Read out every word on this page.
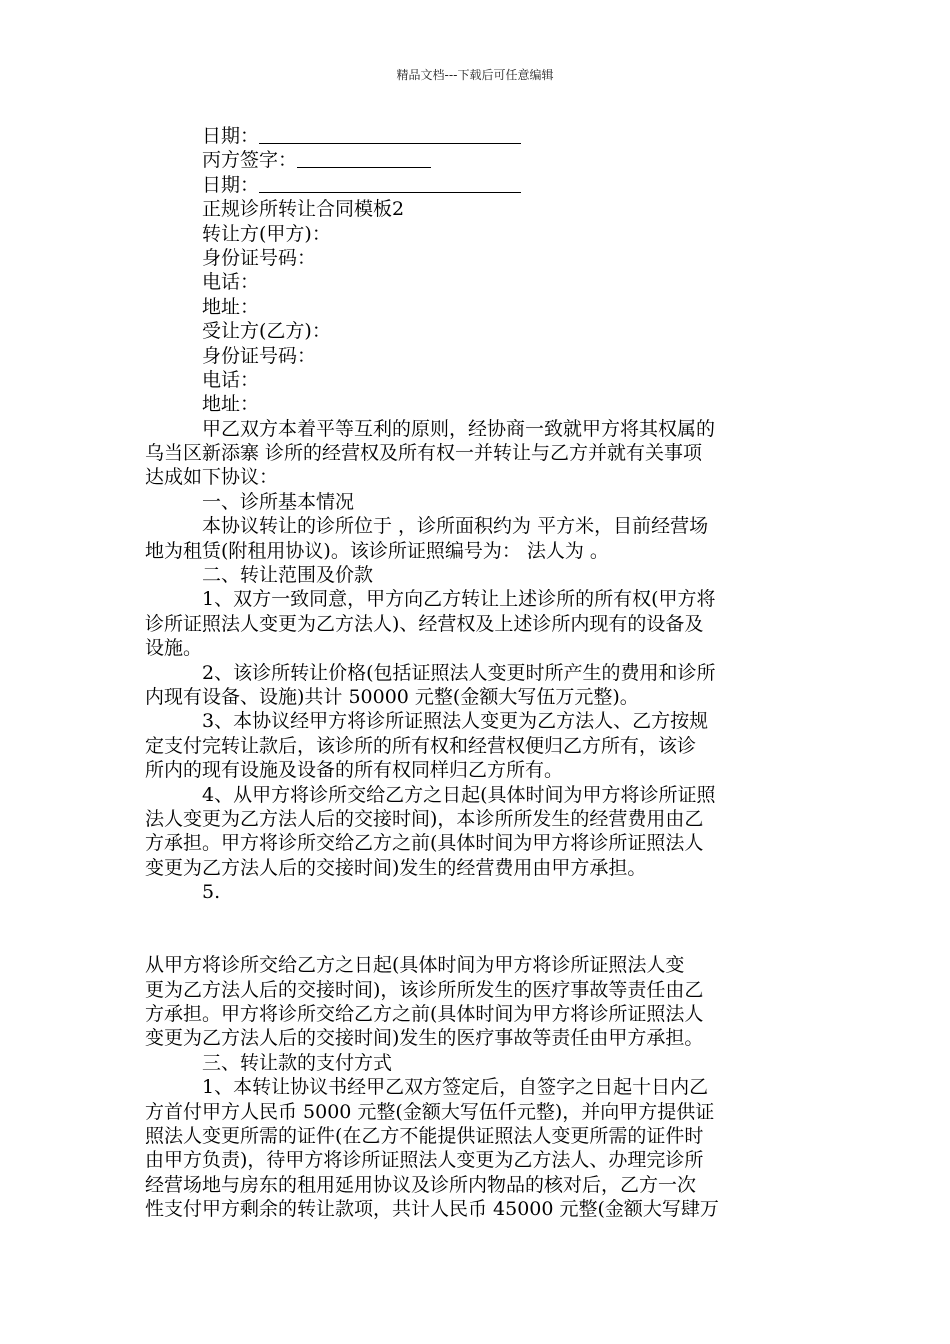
精品文档---下载后可任意编辑
日期：
丙方签字：
日期：
正规诊所转让合同模板2
转让方(甲方)：
身份证号码：
电话：
地址：
受让方(乙方)：
身份证号码：
电话：
地址：
甲乙双方本着平等互利的原则，经协商一致就甲方将其权属的
乌当区新添寨 诊所的经营权及所有权一并转让与乙方并就有关事项
达成如下协议：
一、诊所基本情况
本协议转让的诊所位于 ，诊所面积约为 平方米，目前经营场
地为租赁(附租用协议)。该诊所证照编号为： 法人为 。
二、转让范围及价款
1、双方一致同意，甲方向乙方转让上述诊所的所有权(甲方将
诊所证照法人变更为乙方法人)、经营权及上述诊所内现有的设备及
设施。
2、该诊所转让价格(包括证照法人变更时所产生的费用和诊所
内现有设备、设施)共计 50000 元整(金额大写伍万元整)。
3、本协议经甲方将诊所证照法人变更为乙方法人、乙方按规
定支付完转让款后，该诊所的所有权和经营权便归乙方所有，该诊
所内的现有设施及设备的所有权同样归乙方所有。
4、从甲方将诊所交给乙方之日起(具体时间为甲方将诊所证照
法人变更为乙方法人后的交接时间)，本诊所所发生的经营费用由乙
方承担。甲方将诊所交给乙方之前(具体时间为甲方将诊所证照法人
变更为乙方法人后的交接时间)发生的经营费用由甲方承担。
5.
从甲方将诊所交给乙方之日起(具体时间为甲方将诊所证照法人变
更为乙方法人后的交接时间)，该诊所所发生的医疗事故等责任由乙
方承担。甲方将诊所交给乙方之前(具体时间为甲方将诊所证照法人
变更为乙方法人后的交接时间)发生的医疗事故等责任由甲方承担。
三、转让款的支付方式
1、本转让协议书经甲乙双方签定后，自签字之日起十日内乙
方首付甲方人民币 5000 元整(金额大写伍仟元整)，并向甲方提供证
照法人变更所需的证件(在乙方不能提供证照法人变更所需的证件时
由甲方负责)，待甲方将诊所证照法人变更为乙方法人、办理完诊所
经营场地与房东的租用延用协议及诊所内物品的核对后，乙方一次
性支付甲方剩余的转让款项，共计人民币 45000 元整(金额大写肆万
